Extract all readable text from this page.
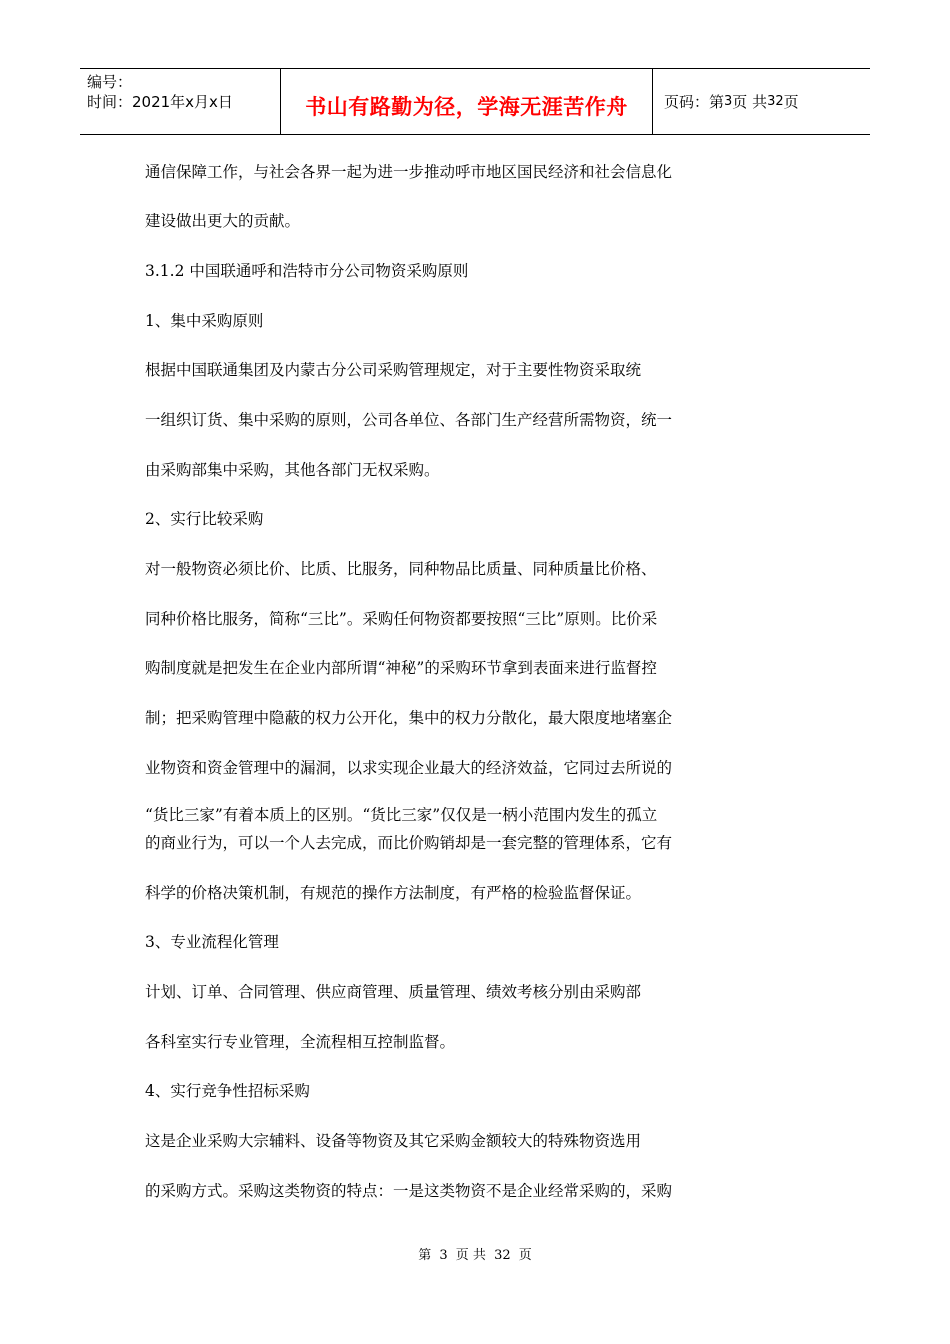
编号：
时间：2021年x月x日	书山有路勤为径，学海无涯苦作舟 页码：第 3 页 共 32 页
通信保障工作，与社会各界一起为进一步推动呼市地区国民经济和社会信息化
建设做出更大的贡献。
3.1.2 中国联通呼和浩特市分公司物资采购原则
1、集中采购原则
根据中国联通集团及内蒙古分公司采购管理规定，对于主要性物资采取统
一组织订货、集中采购的原则，公司各单位、各部门生产经营所需物资，统一
由采购部集中采购，其他各部门无权采购。
2、实行比较采购
对一般物资必须比价、比质、比服务，同种物品比质量、同种质量比价格、
同种价格比服务，简称“三比”。采购任何物资都要按照“三比”原则。比价采
购制度就是把发生在企业内部所谓“神秘”的采购环节拿到表面来进行监督控
制；把采购管理中隐蔽的权力公开化，集中的权力分散化，最大限度地堵塞企
业物资和资金管理中的漏洞，以求实现企业最大的经济效益，它同过去所说的
“货比三家”有着本质上的区别。“货比三家”仅仅是一柄小范围内发生的孤立
的商业行为，可以一个人去完成，而比价购销却是一套完整的管理体系，它有
科学的价格决策机制，有规范的操作方法制度，有严格的检验监督保证。
3、专业流程化管理
计划、订单、合同管理、供应商管理、质量管理、绩效考核分别由采购部
各科室实行专业管理，全流程相互控制监督。
4、实行竞争性招标采购
这是企业采购大宗辅料、设备等物资及其它采购金额较大的特殊物资选用
的采购方式。采购这类物资的特点：一是这类物资不是企业经常采购的，采购
第 3 页 共 32 页
